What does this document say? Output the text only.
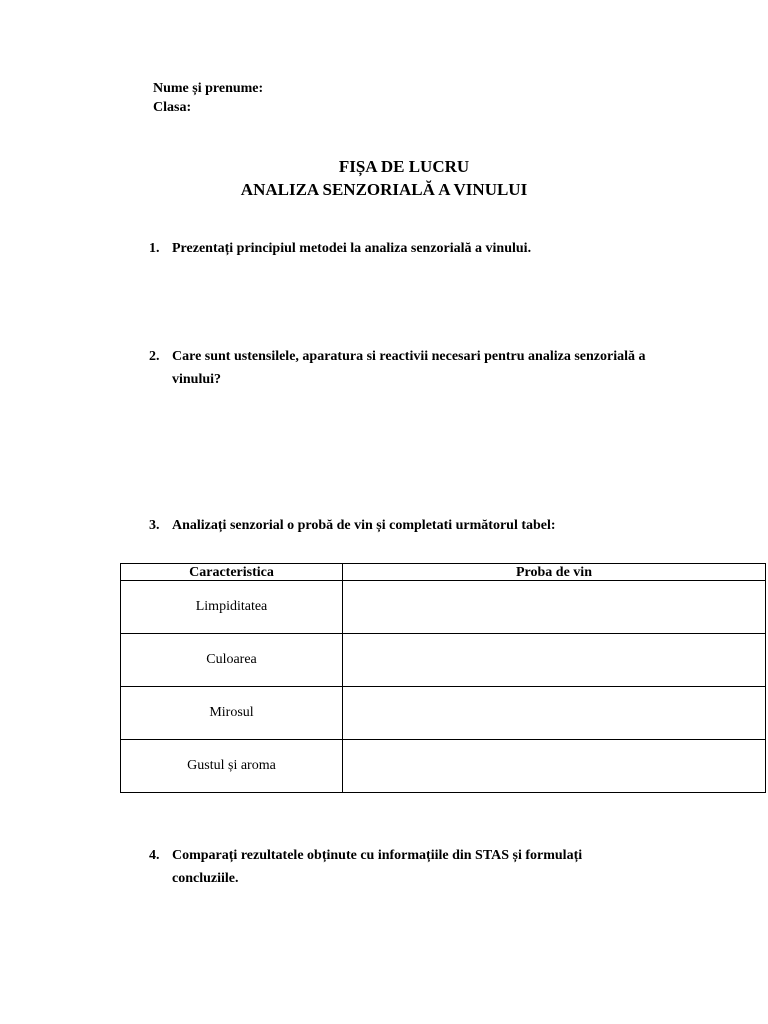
Nume și prenume:
Clasa:
FIȘA DE LUCRU
ANALIZA SENZORIALĂ A VINULUI
1. Prezentați principiul metodei la analiza senzorială a vinului.
2. Care sunt ustensilele, aparatura si reactivii necesari pentru analiza senzorială a vinului?
3. Analizați senzorial o probă de vin și completati următorul tabel:
Caracteristica	Proba de vin
Limpiditatea	
Culoarea	
Mirosul	
Gustul și aroma	
4. Comparați rezultatele obținute cu informațiile din STAS și formulați concluziile.
